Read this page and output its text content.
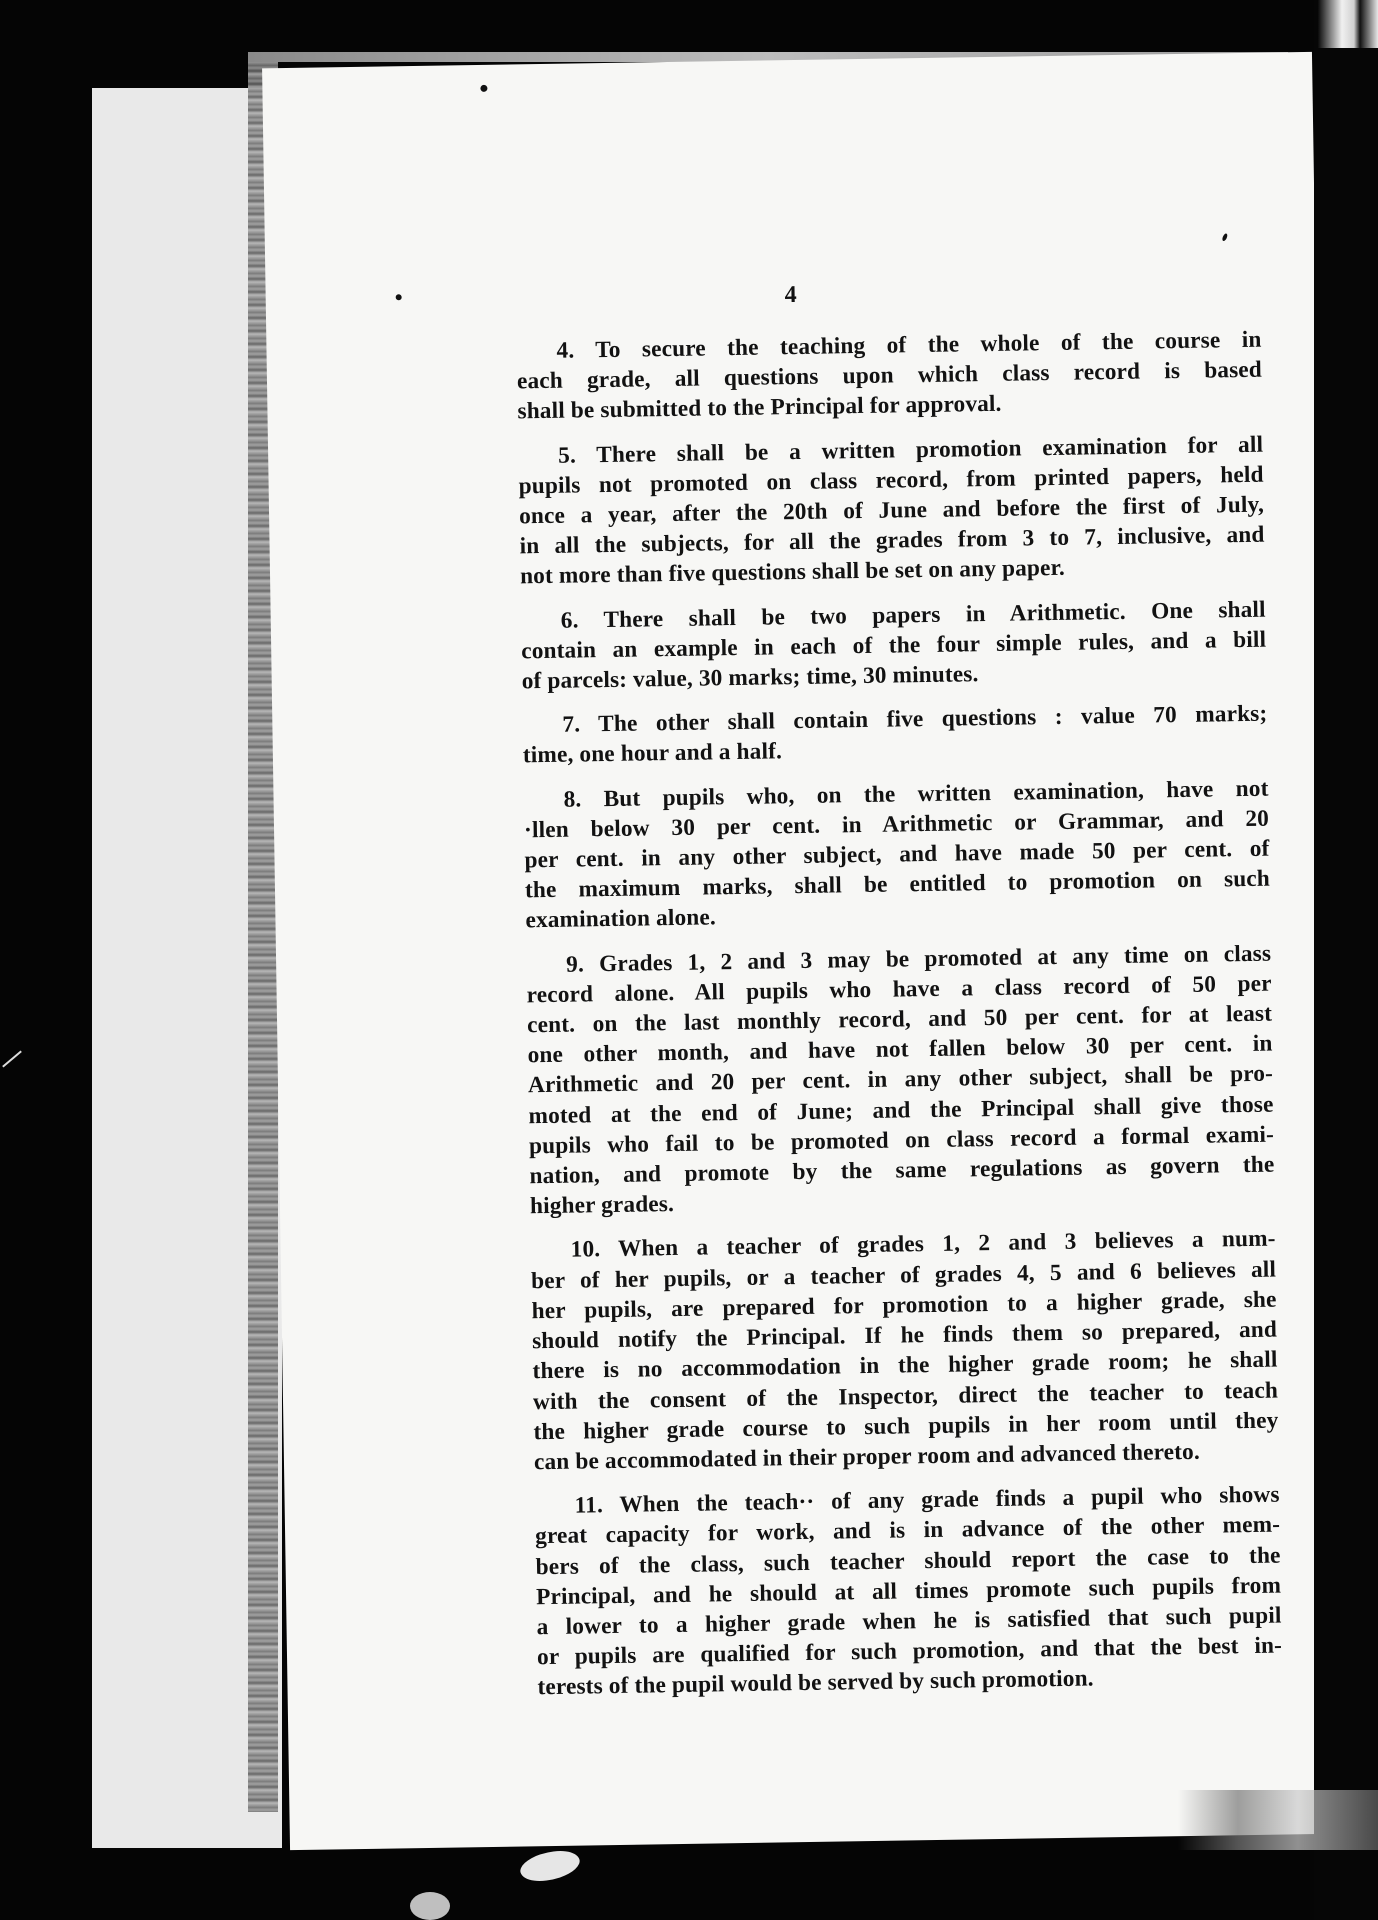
4
4. To secure the teaching of the whole of the course in
each grade, all questions upon which class record is based
shall be submitted to the Principal for approval.
5. There shall be a written promotion examination for all
pupils not promoted on class record, from printed papers, held
once a year, after the 20th of June and before the first of July,
in all the subjects, for all the grades from 3 to 7, inclusive, and
not more than five questions shall be set on any paper.
6. There shall be two papers in Arithmetic. One shall
contain an example in each of the four simple rules, and a bill
of parcels: value, 30 marks; time, 30 minutes.
7. The other shall contain five questions : value 70 marks;
time, one hour and a half.
8. But pupils who, on the written examination, have not
·llen below 30 per cent. in Arithmetic or Grammar, and 20
per cent. in any other subject, and have made 50 per cent. of
the maximum marks, shall be entitled to promotion on such
examination alone.
9. Grades 1, 2 and 3 may be promoted at any time on class
record alone. All pupils who have a class record of 50 per
cent. on the last monthly record, and 50 per cent. for at least
one other month, and have not fallen below 30 per cent. in
Arithmetic and 20 per cent. in any other subject, shall be pro-
moted at the end of June; and the Principal shall give those
pupils who fail to be promoted on class record a formal exami-
nation, and promote by the same regulations as govern the
higher grades.
10. When a teacher of grades 1, 2 and 3 believes a num-
ber of her pupils, or a teacher of grades 4, 5 and 6 believes all
her pupils, are prepared for promotion to a higher grade, she
should notify the Principal. If he finds them so prepared, and
there is no accommodation in the higher grade room; he shall
with the consent of the Inspector, direct the teacher to teach
the higher grade course to such pupils in her room until they
can be accommodated in their proper room and advanced thereto.
11. When the teach·· of any grade finds a pupil who shows
great capacity for work, and is in advance of the other mem-
bers of the class, such teacher should report the case to the
Principal, and he should at all times promote such pupils from
a lower to a higher grade when he is satisfied that such pupil
or pupils are qualified for such promotion, and that the best in-
terests of the pupil would be served by such promotion.
